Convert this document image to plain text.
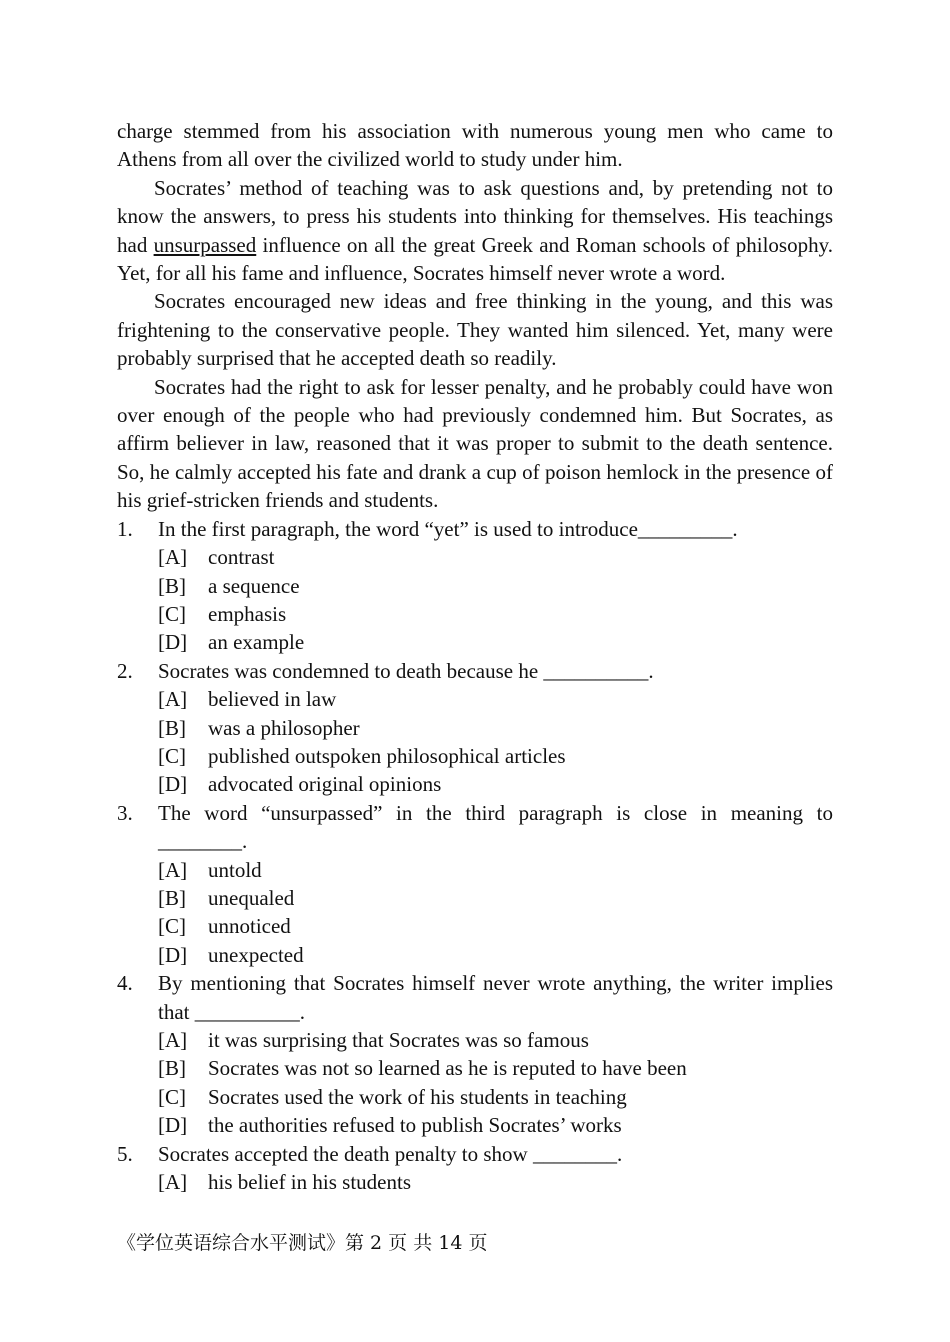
charge stemmed from his association with numerous young men who came to Athens from all over the civilized world to study under him.

Socrates’ method of teaching was to ask questions and, by pretending not to know the answers, to press his students into thinking for themselves. His teachings had unsurpassed influence on all the great Greek and Roman schools of philosophy. Yet, for all his fame and influence, Socrates himself never wrote a word.

Socrates encouraged new ideas and free thinking in the young, and this was frightening to the conservative people. They wanted him silenced. Yet, many were probably surprised that he accepted death so readily.

Socrates had the right to ask for lesser penalty, and he probably could have won over enough of the people who had previously condemned him. But Socrates, as affirm believer in law, reasoned that it was proper to submit to the death sentence. So, he calmly accepted his fate and drank a cup of poison hemlock in the presence of his grief-stricken friends and students.

1.	In the first paragraph, the word “yet” is used to introduce_________.
[A] contrast
[B]	a sequence
[C]	emphasis
[D] an example
2.	Socrates was condemned to death because he __________.
[A] believed in law
[B]	was a philosopher
[C]	published outspoken philosophical articles
[D] advocated original opinions
3.	The word “unsurpassed” in the third paragraph is close in meaning to ________.
[A] untold
[B]	unequaled
[C]	unnoticed
[D] unexpected
4.	By mentioning that Socrates himself never wrote anything, the writer implies that __________.
[A] it was surprising that Socrates was so famous
[B]	Socrates was not so learned as he is reputed to have been
[C]	Socrates used the work of his students in teaching
[D] the authorities refused to publish Socrates’ works
5.	Socrates accepted the death penalty to show ________.
[A] his belief in his students
《学位英语综合水平测试》第 2 页 共 14 页
